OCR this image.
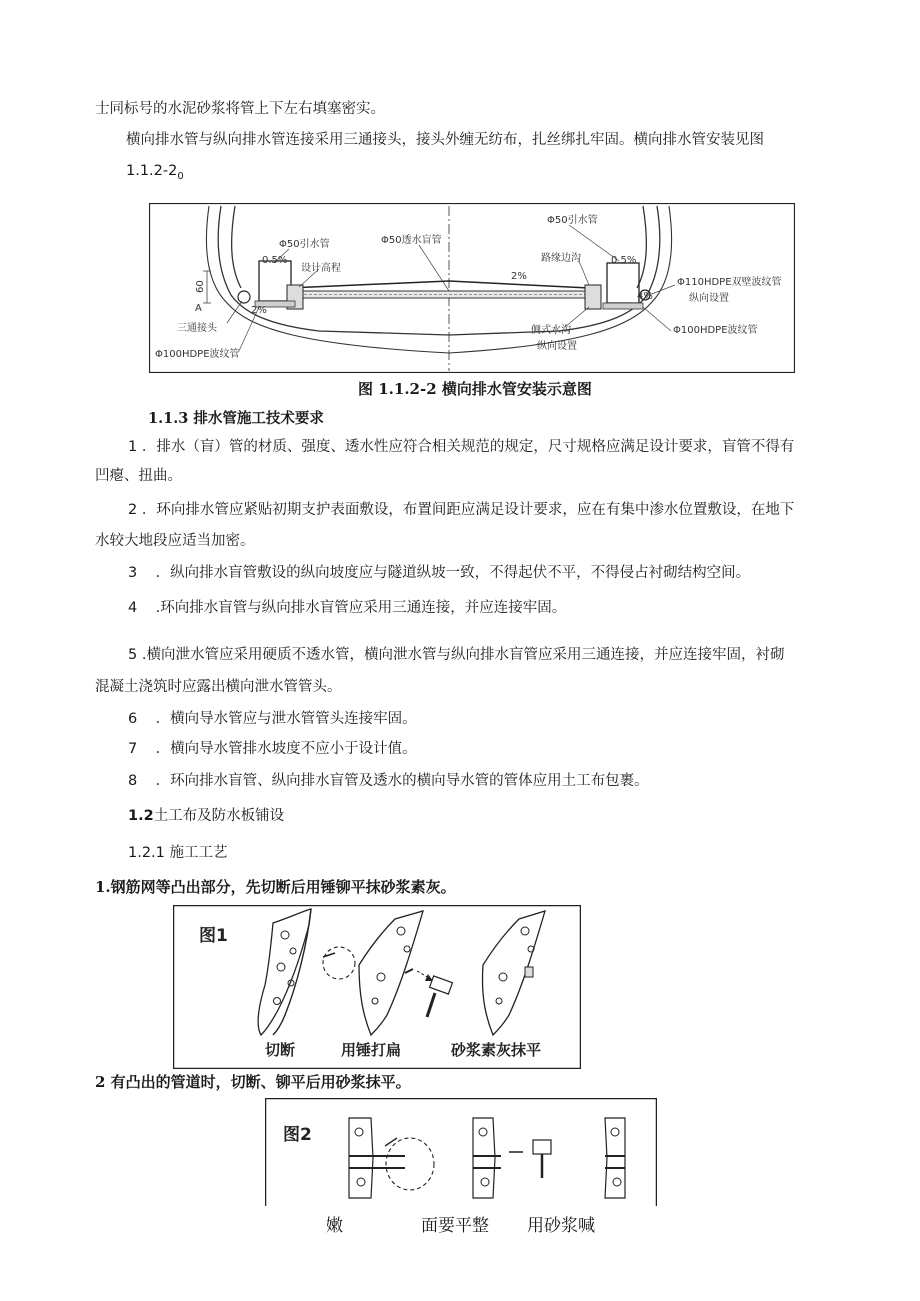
士同标号的水泥砂浆将管上下左右填塞密实。
横向排水管与纵向排水管连接采用三通接头，接头外缠无纺布，扎丝绑扎牢固。横向排水管安装见图
$1.1.2-2_0$
0.5%
Φ50引水管
设计高程
Φ50透水盲管
2%
60
A	2%
三通接头
Φ100HDPE波纹管
Φ50引水管
路缘边沟	0.5%
Φ110HDPE双壁波纹管
纵向设置
4%
Φ100HDPE波纹管
侧式水沟
纵向设置
图 1.1.2-2 横向排水管安装示意图
1.1.3 排水管施工技术要求
1 ．排水（盲）管的材质、强度、透水性应符合相关规范的规定，尺寸规格应满足设计要求，盲管不得有
凹瘪、扭曲。
2 ．环向排水管应紧贴初期支护表面敷设，布置间距应满足设计要求，应在有集中渗水位置敷设，在地下
水较大地段应适当加密。
3 ．纵向排水盲管敷设的纵向坡度应与隧道纵坡一致，不得起伏不平，不得侵占衬砌结构空间。
4 .环向排水盲管与纵向排水盲管应采用三通连接，并应连接牢固。
5 .横向泄水管应采用硬质不透水管，横向泄水管与纵向排水盲管应采用三通连接，并应连接牢固，衬砌
混凝土浇筑时应露出横向泄水管管头。
6 ．横向导水管应与泄水管管头连接牢固。
7 ．横向导水管排水坡度不应小于设计值。
8 ．环向排水盲管、纵向排水盲管及透水的横向导水管的管体应用土工布包裹。
1.2土工布及防水板铺设
1.2.1 施工工艺
1.钢筋网等凸出部分，先切断后用锤铆平抹砂浆素灰。
图1
切断	用锤打扁	砂浆素灰抹平
2 有凸出的管道时，切断、铆平后用砂浆抹平。
图2
嫩	面要平整 用砂浆喊
